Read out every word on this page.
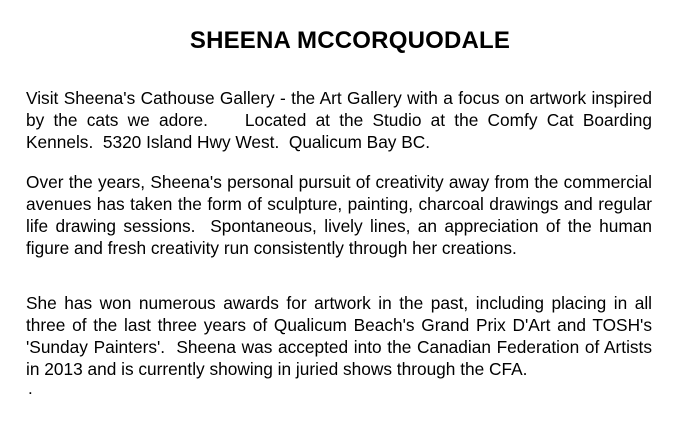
SHEENA MCCORQUODALE

Visit Sheena's Cathouse Gallery - the Art Gallery with a focus on artwork inspired by the cats we adore.    Located at the Studio at the Comfy Cat Boarding Kennels.  5320 Island Hwy West.  Qualicum Bay BC.

Over the years, Sheena's personal pursuit of creativity away from the commercial avenues has taken the form of sculpture, painting, charcoal drawings and regular life drawing sessions.  Spontaneous, lively lines, an appreciation of the human figure and fresh creativity run consistently through her creations.

She has won numerous awards for artwork in the past, including placing in all three of the last three years of Qualicum Beach's Grand Prix D'Art and TOSH's 'Sunday Painters'.  Sheena was accepted into the Canadian Federation of Artists in 2013 and is currently showing in juried shows through the CFA.

.
